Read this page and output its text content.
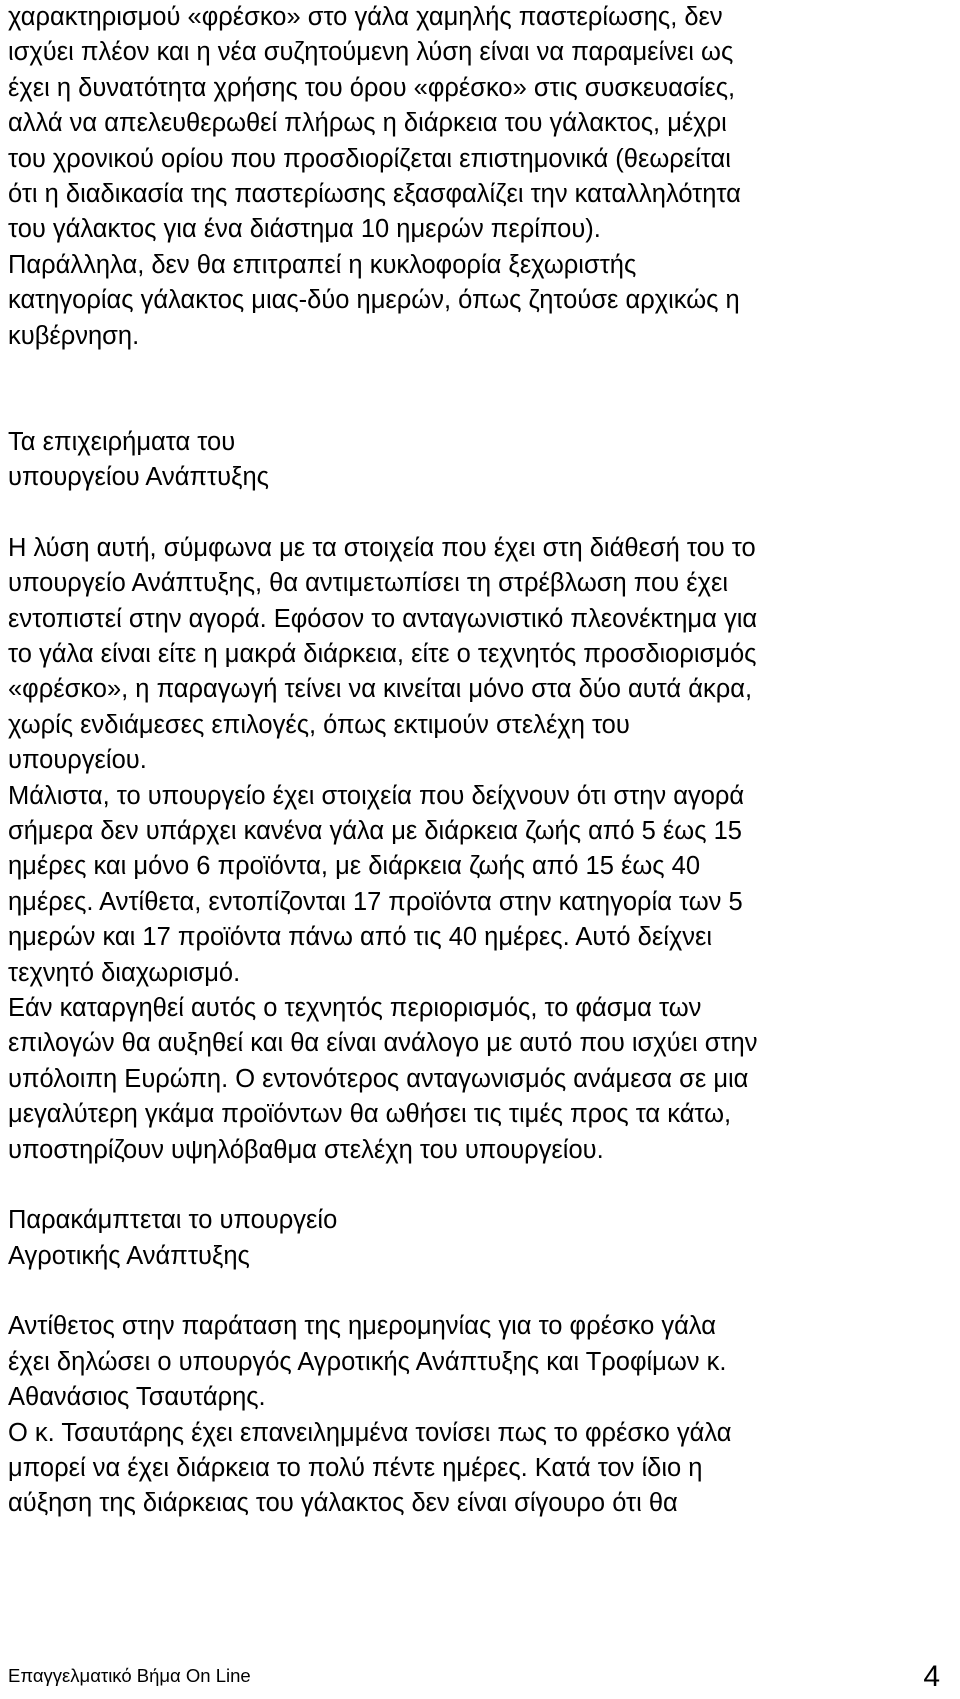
χαρακτηρισμού «φρέσκο» στο γάλα χαμηλής παστερίωσης, δεν
ισχύει πλέον και η νέα συζητούμενη λύση είναι να παραμείνει ως
έχει η δυνατότητα χρήσης του όρου «φρέσκο» στις συσκευασίες,
αλλά να απελευθερωθεί πλήρως η διάρκεια του γάλακτος, μέχρι
του χρονικού ορίου που προσδιορίζεται επιστημονικά (θεωρείται
ότι η διαδικασία της παστερίωσης εξασφαλίζει την καταλληλότητα
του γάλακτος για ένα διάστημα 10 ημερών περίπου).
Παράλληλα, δεν θα επιτραπεί η κυκλοφορία ξεχωριστής
κατηγορίας γάλακτος μιας-δύο ημερών, όπως ζητούσε αρχικώς η
κυβέρνηση.
Τα επιχειρήματα του
υπουργείου Ανάπτυξης
Η λύση αυτή, σύμφωνα με τα στοιχεία που έχει στη διάθεσή του το
υπουργείο Ανάπτυξης, θα αντιμετωπίσει τη στρέβλωση που έχει
εντοπιστεί στην αγορά. Εφόσον το ανταγωνιστικό πλεονέκτημα για
το γάλα είναι είτε η μακρά διάρκεια, είτε ο τεχνητός προσδιορισμός
«φρέσκο», η παραγωγή τείνει να κινείται μόνο στα δύο αυτά άκρα,
χωρίς ενδιάμεσες επιλογές, όπως εκτιμούν στελέχη του
υπουργείου.
Μάλιστα, το υπουργείο έχει στοιχεία που δείχνουν ότι στην αγορά
σήμερα δεν υπάρχει κανένα γάλα με διάρκεια ζωής από 5 έως 15
ημέρες και μόνο 6 προϊόντα, με διάρκεια ζωής από 15 έως 40
ημέρες. Αντίθετα, εντοπίζονται 17 προϊόντα στην κατηγορία των 5
ημερών και 17 προϊόντα πάνω από τις 40 ημέρες. Αυτό δείχνει
τεχνητό διαχωρισμό.
Εάν καταργηθεί αυτός ο τεχνητός περιορισμός, το φάσμα των
επιλογών θα αυξηθεί και θα είναι ανάλογο με αυτό που ισχύει στην
υπόλοιπη Ευρώπη. Ο εντονότερος ανταγωνισμός ανάμεσα σε μια
μεγαλύτερη γκάμα προϊόντων θα ωθήσει τις τιμές προς τα κάτω,
υποστηρίζουν υψηλόβαθμα στελέχη του υπουργείου.
Παρακάμπτεται το υπουργείο
Αγροτικής Ανάπτυξης
Αντίθετος στην παράταση της ημερομηνίας για το φρέσκο γάλα
έχει δηλώσει ο υπουργός Αγροτικής Ανάπτυξης και Τροφίμων κ.
Αθανάσιος Τσαυτάρης.
Ο κ. Τσαυτάρης έχει επανειλημμένα τονίσει πως το φρέσκο γάλα
μπορεί να έχει διάρκεια το πολύ πέντε ημέρες. Κατά τον ίδιο η
αύξηση της διάρκειας του γάλακτος δεν είναι σίγουρο ότι θα
Επαγγελματικό Βήμα On Line	4
